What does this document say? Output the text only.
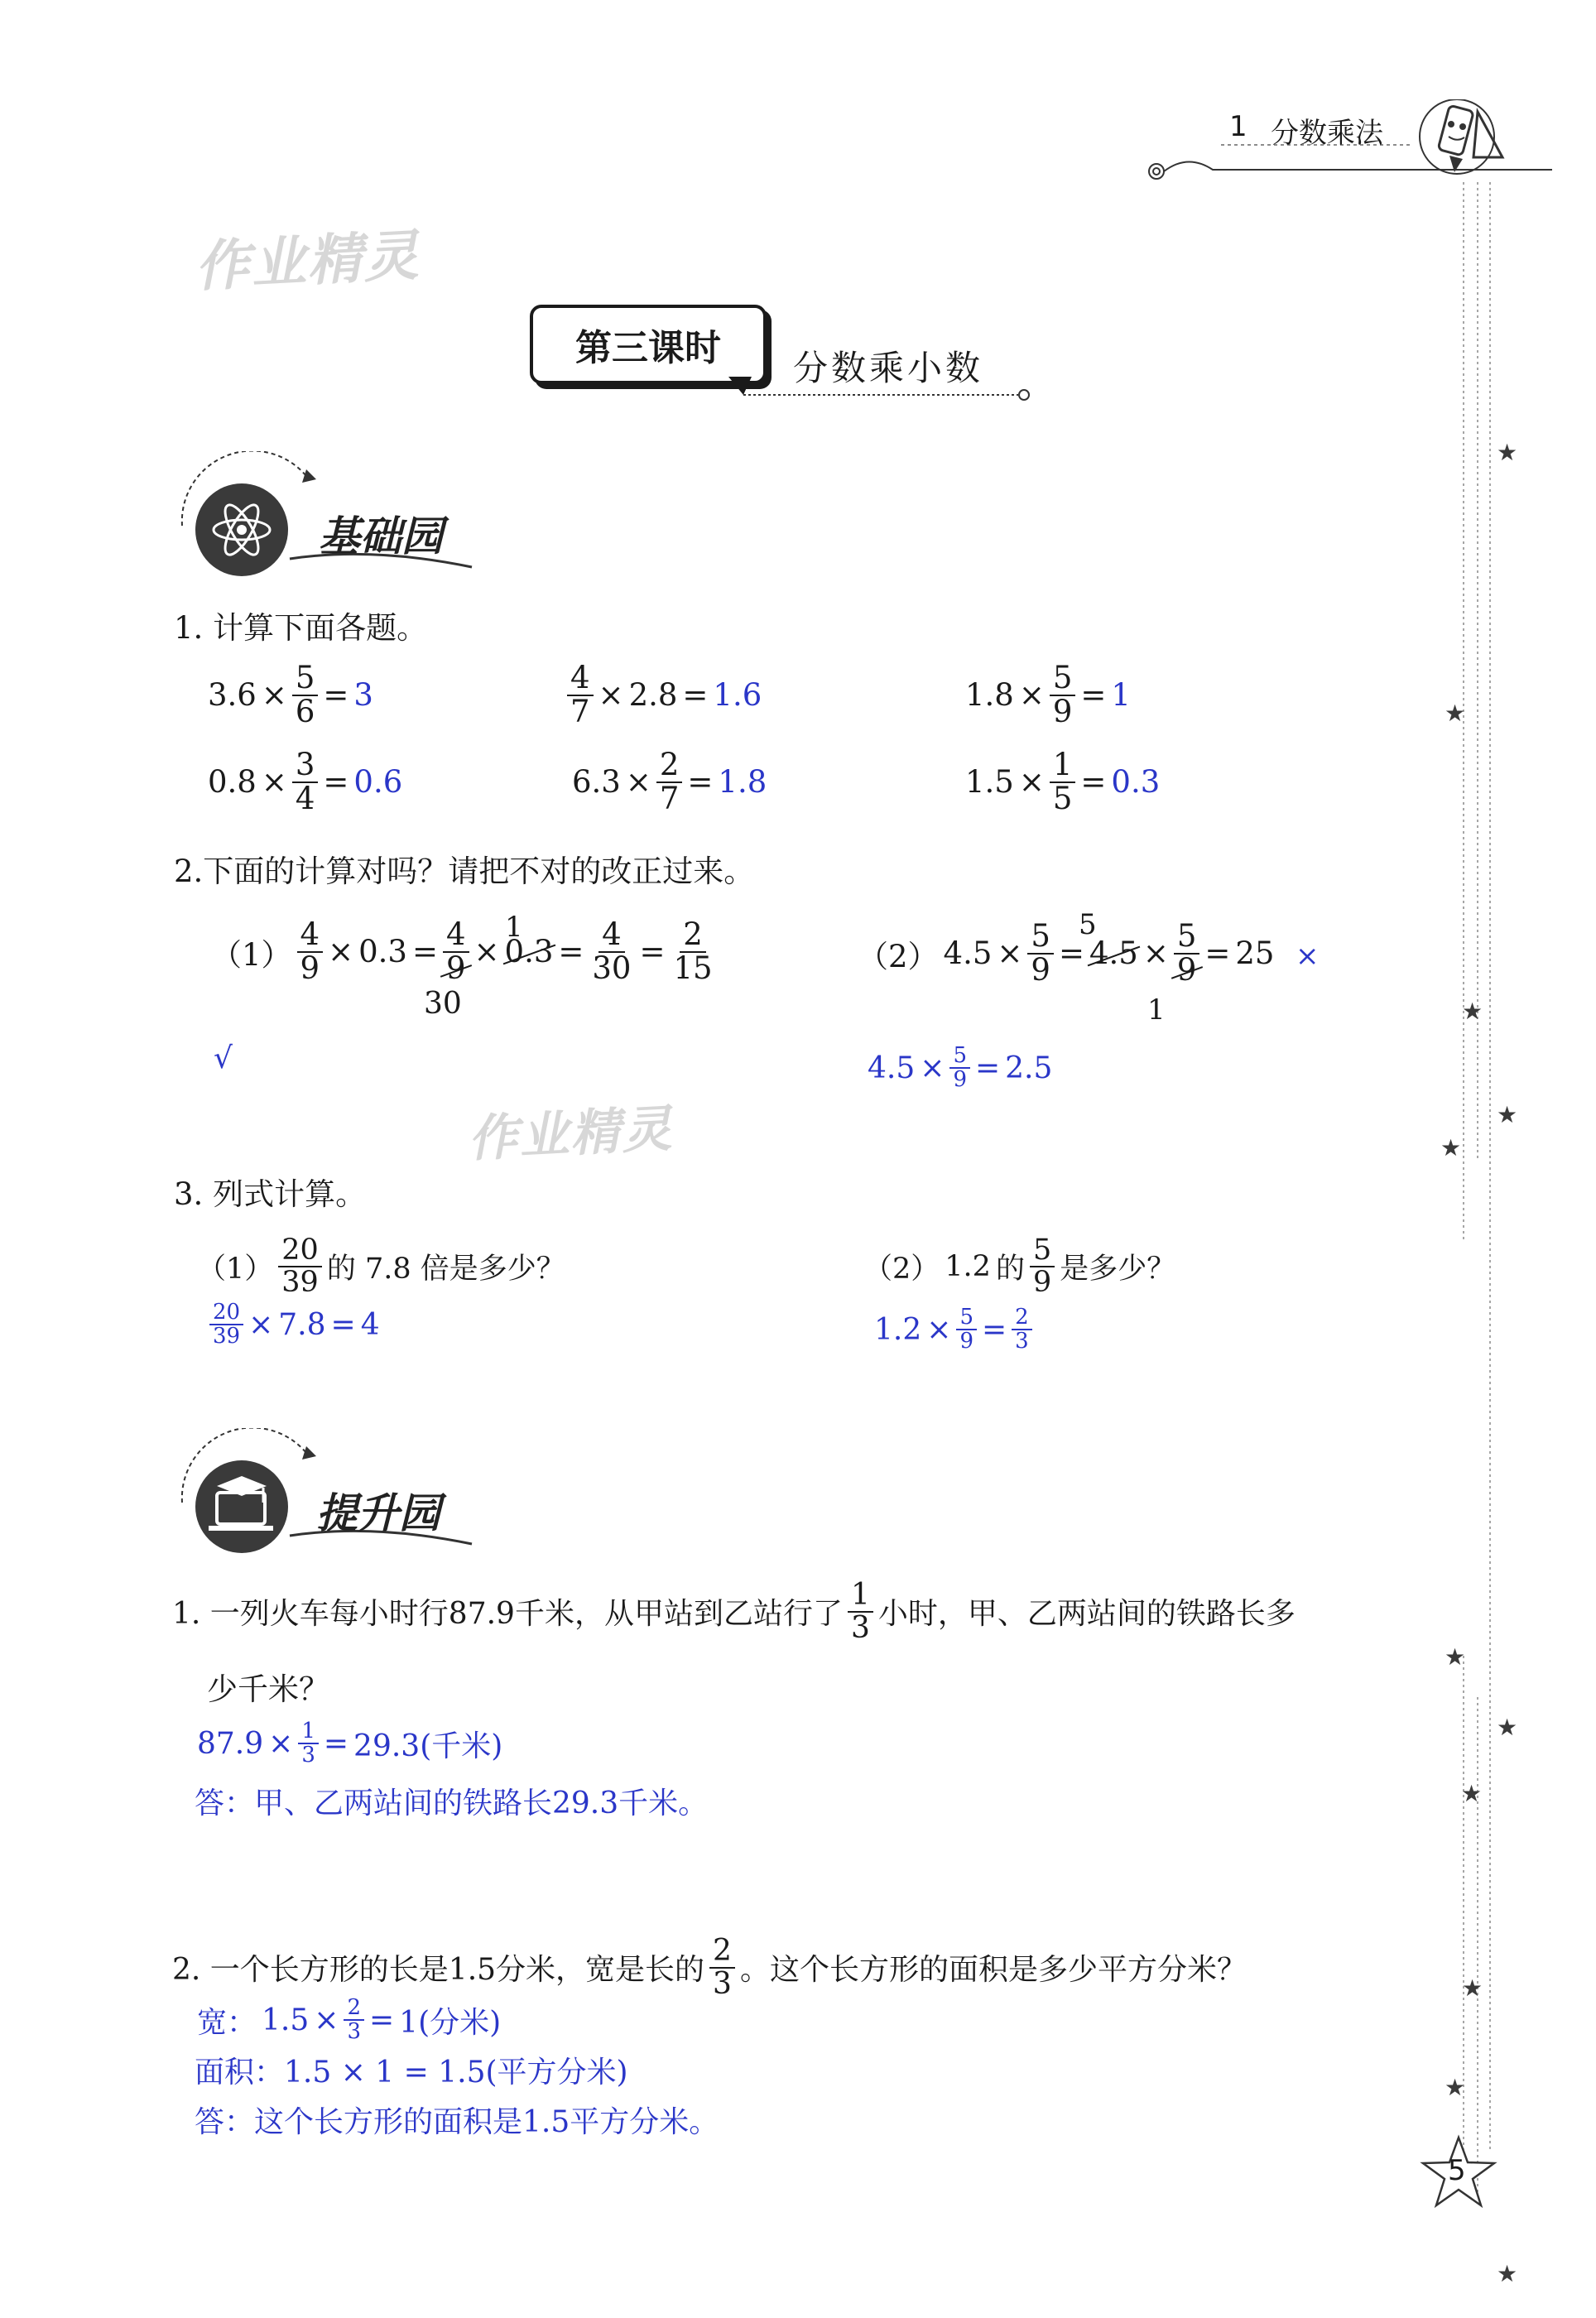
1 分数乘法
★
★
★
★
★
★
★
★
★
★
★
作业精灵
作业精灵
第三课时 分数乘小数
基础园
1. 计算下面各题。
$3.6 \times \frac{5}{6} = 3$	$\frac{4}{7} \times 2.8 = 1.6$	$1.8 \times \frac{5}{9} = 1$
$0.8 \times \frac{3}{4} = 0.6$	$6.3 \times \frac{2}{7} = 1.8$	$1.5 \times \frac{1}{5} = 0.3$
2.下面的计算对吗？请把不对的改正过来。
$(1) \frac{4}{9} \times 0.3 = \frac{4}{9} \times 0.3 = \frac{4}{30} = \frac{2}{15}$
1
30
√
（2） $4.5 \times \frac{5}{9} = 4.5 \times \frac{5}{9} = 25$
5
1
×
$4.5 \times \frac{5}{9} = 2.5$
3. 列式计算。
$(1) \frac{20}{39}$ 的 7.8 倍是多少？
$\frac{20}{39} \times 7.8 = 4$
（2） 1.2 的 $\frac{5}{9}$ 是多少？
$1.2 \times \frac{5}{9} = \frac{2}{3}$
提升园
1. 一列火车每小时行87.9千米，从甲站到乙站行了 $\frac{1}{3}$ 小时，甲、乙两站间的铁路长多
少千米？
$87.9 \times \frac{1}{3} = 29.3$(千米)
答：甲、乙两站间的铁路长29.3千米。
2. 一个长方形的长是1.5分米，宽是长的 $\frac{2}{3}$ 。这个长方形的面积是多少平方分米？
宽： $1.5 \times \frac{2}{3} = 1$(分米)
面积：1.5 × 1 = 1.5(平方分米)
答：这个长方形的面积是1.5平方分米。
5
